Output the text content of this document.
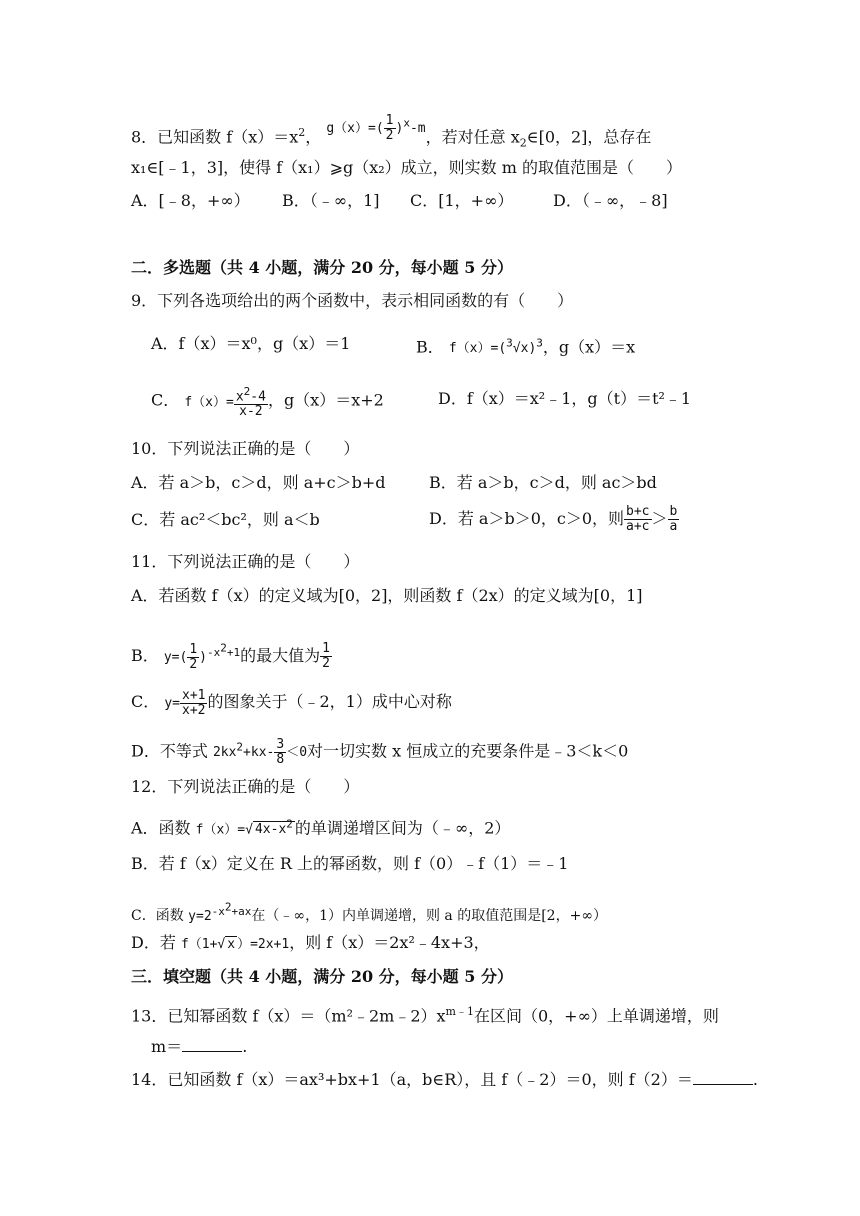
8．已知函数 $f(x)=x^2$， $^{g(x)=( \frac{1}{2} )^x-m}$，若对任意 $x_2\in[0$，2]，总存在
x₁∈[﹣1，3]，使得 f（x₁）⩾g（x₂）成立，则实数 m 的取值范围是（　　）
A．[﹣8，+∞） B．（﹣∞，1] C．[1，+∞） D．（﹣∞，﹣8]
二．多选题（共 4 小题，满分 20 分，每小题 5 分）
9．下列各选项给出的两个函数中，表示相同函数的有（　　）
A．f（x）＝x⁰，g（x）＝1	B． $f(x)=(^3√x)^3$，g（x）＝x
C． $f(x)= \frac{x^2-4}{x-2}$ ，g（x）＝x+2	D．f（x）＝x²﹣1，g（t）＝t²﹣1
10．下列说法正确的是（　　）
A．若 a＞b，c＞d，则 a+c＞b+d	B．若 a＞b，c＞d，则 ac＞bd
C．若 ac²＜bc²，则 a＜b	D．若 a＞b＞0，c＞0，则 $\frac{b+c}{a+c} > \frac{b}{a}$
11．下列说法正确的是（　　）
A．若函数 f（x）的定义域为[0，2]，则函数 f（2x）的定义域为[0，1]
B． $y=( \frac{1}{2} )^{-x^2+1}$的最大值为 $\frac{1}{2}$
C． $y= \frac{x+1}{x+2}$ 的图象关于（﹣2，1）成中心对称
D．不等式 $2kx^2+kx- \frac{3}{8} <0$对一切实数 x 恒成立的充要条件是﹣3＜k＜0
12．下列说法正确的是（　　）
A．函数 f（x）=√ $4x-x^2$ 的单调递增区间为（﹣∞，2）
B．若 f（x）定义在 R 上的幂函数，则 f（0）﹣f（1）＝﹣1
C．函数 $y=2^{-x^2+ax}$在（﹣∞，1）内单调递增，则 a 的取值范围是[2，+∞）
D．若 f（1+√ x ）=2x+1，则 f（x）＝2x²﹣4x+3，
三．填空题（共 4 小题，满分 20 分，每小题 5 分）
13．已知幂函数 $f(x)=(m^2﹣2m﹣2)x^{m﹣1}$在区间（0，+∞）上单调递增，则
m＝	.
14．已知函数 f（x）＝ax³+bx+1（a，b∈R），且 f（﹣2）＝0，则 f（2）＝	.
